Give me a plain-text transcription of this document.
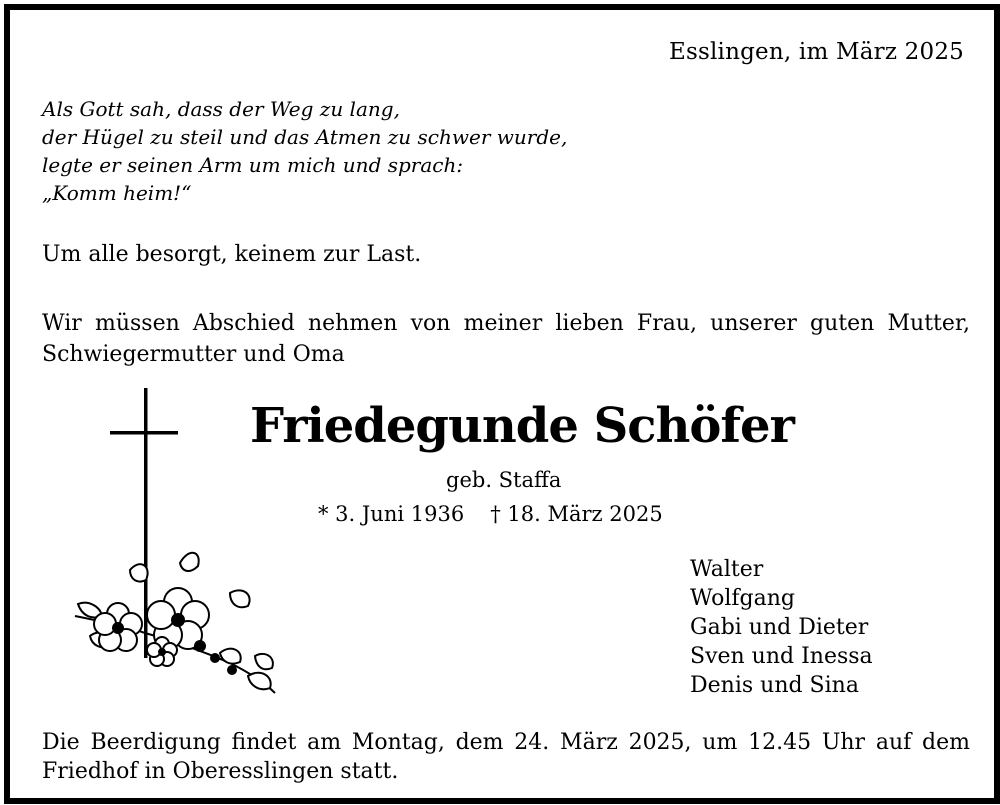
Esslingen, im März 2025
Als Gott sah, dass der Weg zu lang,
der Hügel zu steil und das Atmen zu schwer wurde,
legte er seinen Arm um mich und sprach:
„Komm heim!“
Um alle besorgt, keinem zur Last.
Wir müssen Abschied nehmen von meiner lieben Frau, unserer guten Mutter, Schwiegermutter und Oma
Friedegunde Schöfer
geb. Staffa
* 3. Juni 1936 † 18. März 2025
Walter
Wolfgang
Gabi und Dieter
Sven und Inessa
Denis und Sina
Die Beerdigung findet am Montag, dem 24. März 2025, um 12.45 Uhr auf dem Friedhof in Oberesslingen statt.
